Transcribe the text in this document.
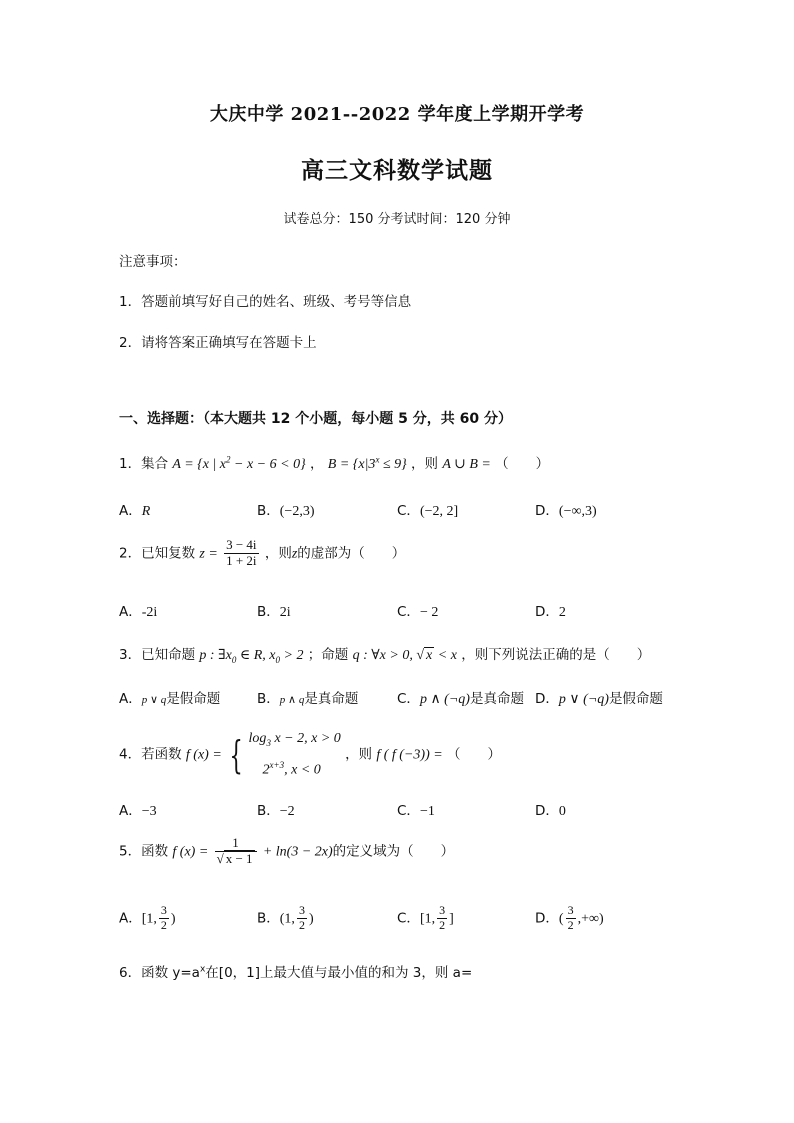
大庆中学 2021--2022 学年度上学期开学考
高三文科数学试题
试卷总分：150 分考试时间：120 分钟
注意事项：
1．答题前填写好自己的姓名、班级、考号等信息
2．请将答案正确填写在答题卡上
一、选择题：（本大题共 12 个小题，每小题 5 分，共 60 分）
1．集合 A = {x | $x^2 - x - 6 < 0$} ， $B = \{x|3^x \le 9\}$ ，则 A ∪ B = （　　）
A．R	B．(−2,3)	C．(−2, 2]	D．(−∞,3)
2．已知复数 $z = \frac{3 - 4i}{1 + 2i}$ ，则z的虚部为（　　）
A．-2i	B．2i	C．− 2	D．2
3．已知命题 p : $\exists x_0$ ∈ R, $x_0 > 2$ ；命题 q : ∀x > 0, √ x < x ，则下列说法正确的是（　　）
A．p ∨ q是假命题	B．p ∧ q是真命题	C．p ∧ (¬q)是真命题 D．p ∨ (¬q)是假命题
4．若函数 f (x) = { $\log_3 x - 2$, x > 0
$2^{x+3}$, x < 0
，则 f ( f (−3)) = （　　）
A．−3	B．−2	C．−1	D．0
5．函数 f $(x) = \frac{1}{√ x - 1} + \ln(3 - 2x)$的定义域为（　　）
A．[1, $\frac{3}{2}$ )	B．(1, $\frac{3}{2}$ )	C．[1, $\frac{3}{2}$ ]	D．( $\frac{3}{2}$ ,+∞)
6．函数 $y=a^x$在[0，1]上最大值与最小值的和为 3，则 a=
